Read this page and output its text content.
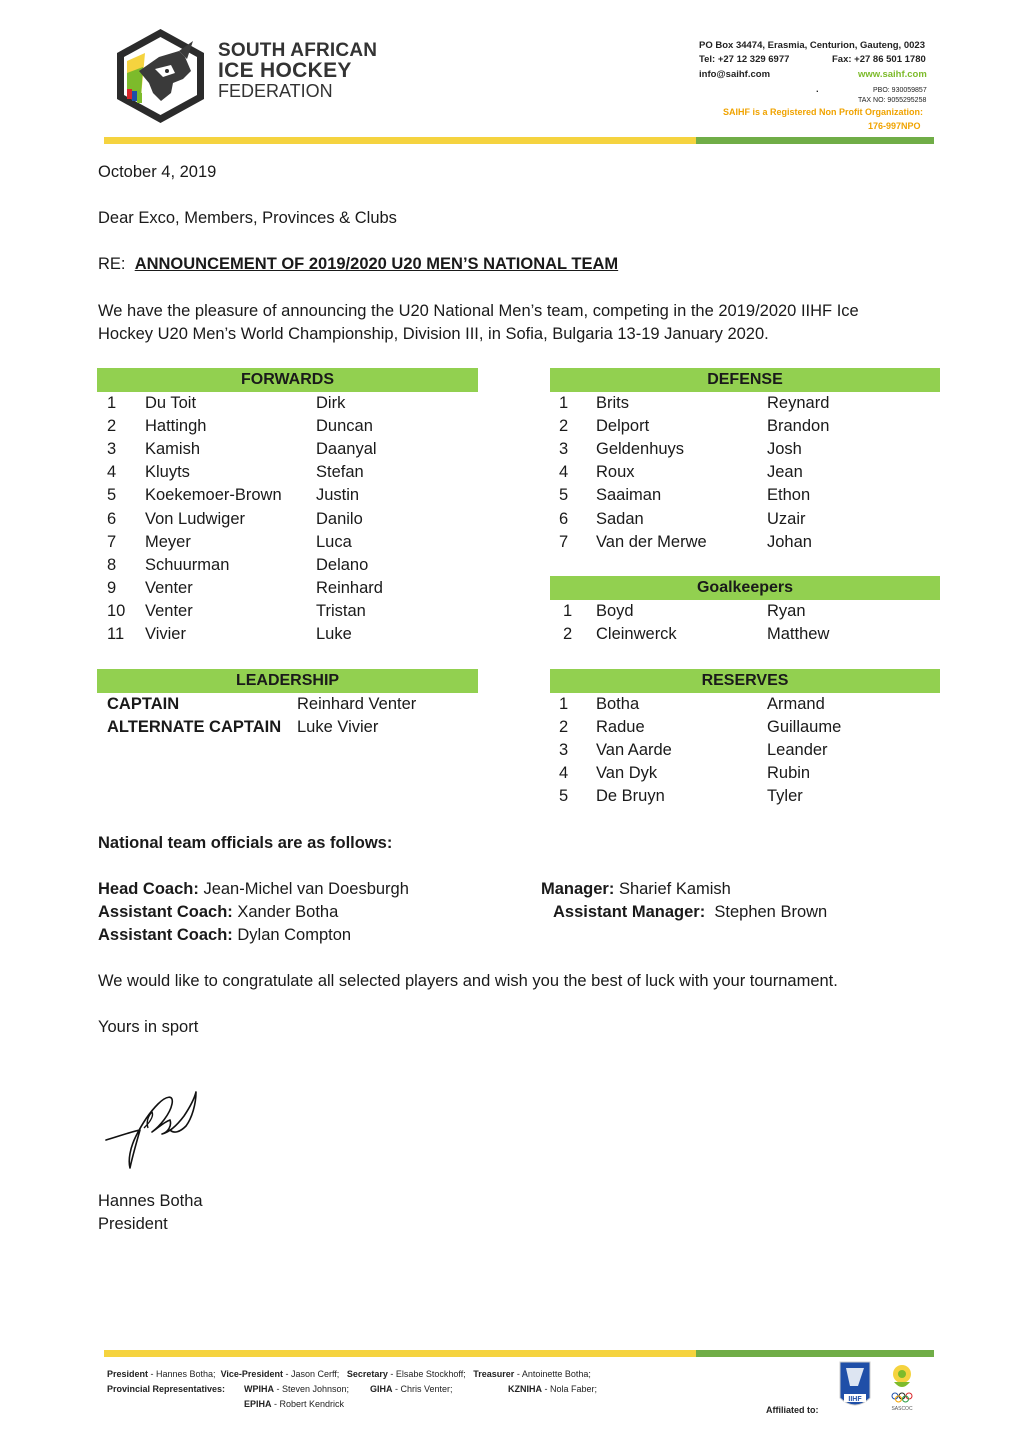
SOUTH AFRICAN
ICE HOCKEY
FEDERATION
PO Box 34474, Erasmia, Centurion, Gauteng, 0023
Tel: +27 12 329 6977	Fax: +27 86 501 1780
info@saihf.com	www.saihf.com
.	PBO: 930059857
TAX NO: 9055295258
SAIHF is a Registered Non Profit Organization:
176-997NPO
October 4, 2019
Dear Exco, Members, Provinces & Clubs
RE: ANNOUNCEMENT OF 2019/2020 U20 MEN’S NATIONAL TEAM
We have the pleasure of announcing the U20 National Men’s team, competing in the 2019/2020 IIHF Ice
Hockey U20 Men’s World Championship, Division III, in Sofia, Bulgaria 13-19 January 2020.
FORWARDS
1 Du Toit	Dirk
2 Hattingh	Duncan
3 Kamish	Daanyal
4 Kluyts	Stefan
5 Koekemoer-Brown Justin
6 Von Ludwiger	Danilo
7 Meyer	Luca
8 Schuurman	Delano
9 Venter	Reinhard
10 Venter	Tristan
11 Vivier	Luke
DEFENSE
1 Brits	Reynard
2 Delport	Brandon
3 Geldenhuys	Josh
4 Roux	Jean
5 Saaiman	Ethon
6 Sadan	Uzair
7 Van der Merwe	Johan
Goalkeepers
1 Boyd	Ryan
2 Cleinwerck	Matthew
LEADERSHIP
CAPTAIN	Reinhard Venter
ALTERNATE CAPTAIN Luke Vivier
RESERVES
1 Botha	Armand
2 Radue	Guillaume
3 Van Aarde	Leander
4 Van Dyk	Rubin
5 De Bruyn	Tyler
National team officials are as follows:
Head Coach: Jean-Michel van Doesburgh
Assistant Coach: Xander Botha
Assistant Coach: Dylan Compton
Manager: Sharief Kamish
Assistant Manager: Stephen Brown
We would like to congratulate all selected players and wish you the best of luck with your tournament.
Yours in sport
Hannes Botha
President
President - Hannes Botha; Vice-President - Jason Cerff; Secretary - Elsabe Stockhoff; Treasurer - Antoinette Botha;
Provincial Representatives: WPIHA - Steven Johnson; GIHA - Chris Venter;	KZNIHA - Nola Faber;
EPIHA - Robert Kendrick
Affiliated to:
IIHF
SASCOC
